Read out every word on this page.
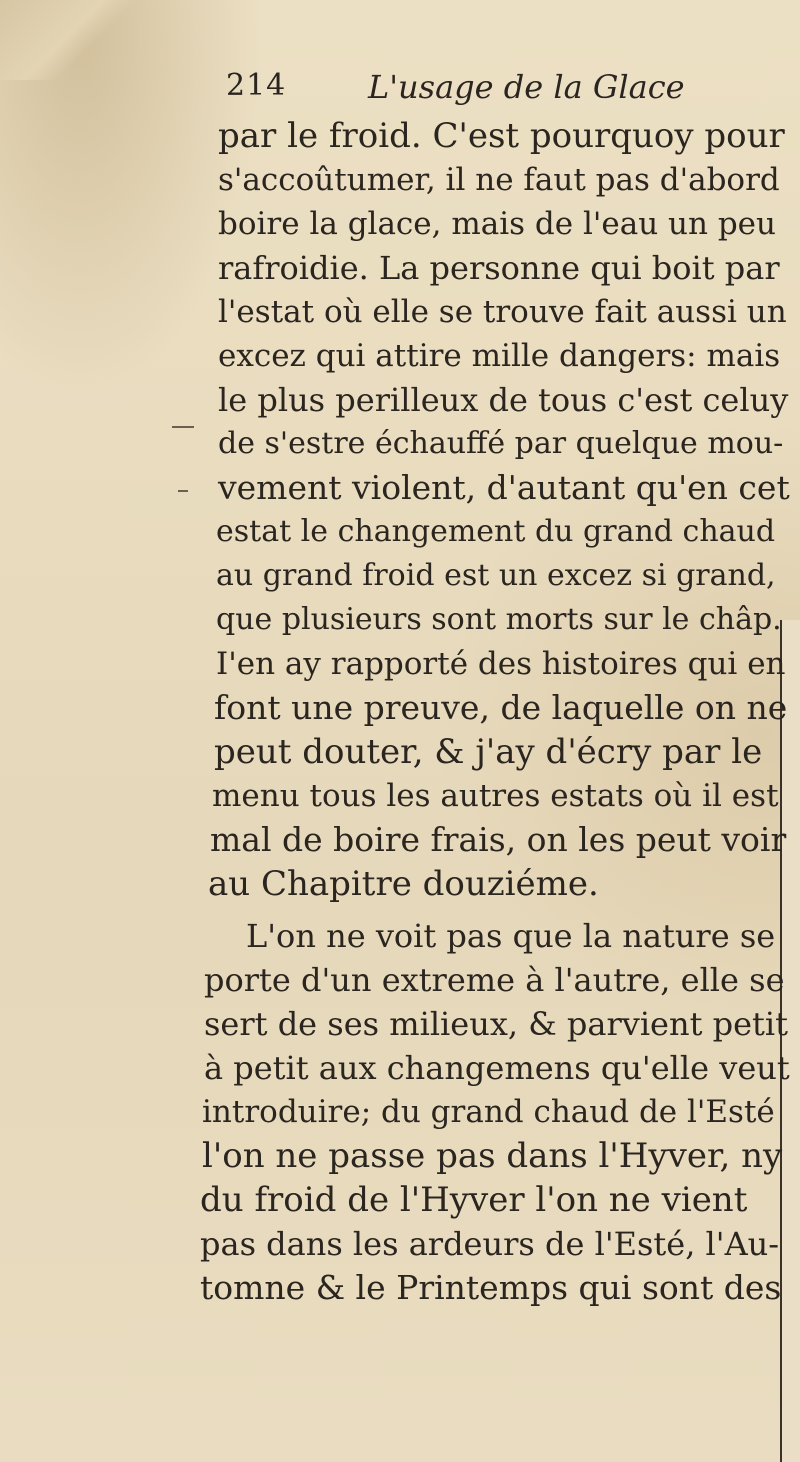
214	L'usage de la Glace
par le froid. C'est pourquoy pour
s'accoûtumer, il ne faut pas d'abord
boire la glace, mais de l'eau un peu
rafroidie. La personne qui boit par
l'estat où elle se trouve fait aussi un
excez qui attire mille dangers: mais
le plus perilleux de tous c'est celuy
de s'estre échauffé par quelque mou-
vement violent, d'autant qu'en cet
estat le changement du grand chaud
au grand froid est un excez si grand,
que plusieurs sont morts sur le châp.
I'en ay rapporté des histoires qui en
font une preuve, de laquelle on ne
peut douter, & j'ay d'écry par le
menu tous les autres estats où il est
mal de boire frais, on les peut voir
au Chapitre douziéme.
L'on ne voit pas que la nature se
porte d'un extreme à l'autre, elle se
sert de ses milieux, & parvient petit
à petit aux changemens qu'elle veut
introduire; du grand chaud de l'Esté
l'on ne passe pas dans l'Hyver, ny
du froid de l'Hyver l'on ne vient
pas dans les ardeurs de l'Esté, l'Au-
tomne & le Printemps qui sont des
